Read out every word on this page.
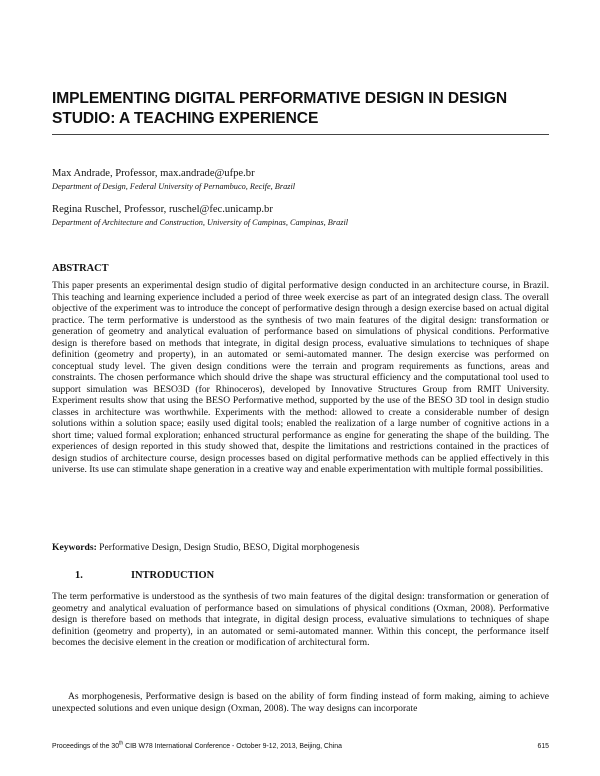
IMPLEMENTING DIGITAL PERFORMATIVE DESIGN IN DESIGN
STUDIO: A TEACHING EXPERIENCE
Max Andrade, Professor, max.andrade@ufpe.br
Department of Design, Federal University of Pernambuco, Recife, Brazil
Regina Ruschel, Professor, ruschel@fec.unicamp.br
Department of Architecture and Construction, University of Campinas, Campinas, Brazil
ABSTRACT

This paper presents an experimental design studio of digital performative design conducted in an architecture course, in Brazil. This teaching and learning experience included a period of three week exercise as part of an integrated design class. The overall objective of the experiment was to introduce the concept of performative design through a design exercise based on actual digital practice. The term performative is understood as the synthesis of two main features of the digital design: transformation or generation of geometry and analytical evaluation of performance based on simulations of physical conditions. Performative design is therefore based on methods that integrate, in digital design process, evaluative simulations to techniques of shape definition (geometry and property), in an automated or semi-automated manner. The design exercise was performed on conceptual study level. The given design conditions were the terrain and program requirements as functions, areas and constraints. The chosen performance which should drive the shape was structural efficiency and the computational tool used to support simulation was BESO3D (for Rhinoceros), developed by Innovative Structures Group from RMIT University. Experiment results show that using the BESO Performative method, supported by the use of the BESO 3D tool in design studio classes in architecture was worthwhile. Experiments with the method: allowed to create a considerable number of design solutions within a solution space; easily used digital tools; enabled the realization of a large number of cognitive actions in a short time; valued formal exploration; enhanced structural performance as engine for generating the shape of the building. The experiences of design reported in this study showed that, despite the limitations and restrictions contained in the practices of design studios of architecture course, design processes based on digital performative methods can be applied effectively in this universe. Its use can stimulate shape generation in a creative way and enable experimentation with multiple formal possibilities.

Keywords: Performative Design, Design Studio, BESO, Digital morphogenesis

1.	INTRODUCTION

The term performative is understood as the synthesis of two main features of the digital design: transformation or generation of geometry and analytical evaluation of performance based on simulations of physical conditions (Oxman, 2008). Performative design is therefore based on methods that integrate, in digital design process, evaluative simulations to techniques of shape definition (geometry and property), in an automated or semi-automated manner. Within this concept, the performance itself becomes the decisive element in the creation or modification of architectural form.

As morphogenesis, Performative design is based on the ability of form finding instead of form making, aiming to achieve unexpected solutions and even unique design (Oxman, 2008). The way designs can incorporate

Proceedings of the 30th CIB W78 International Conference - October 9-12, 2013, Beijing, China	615
